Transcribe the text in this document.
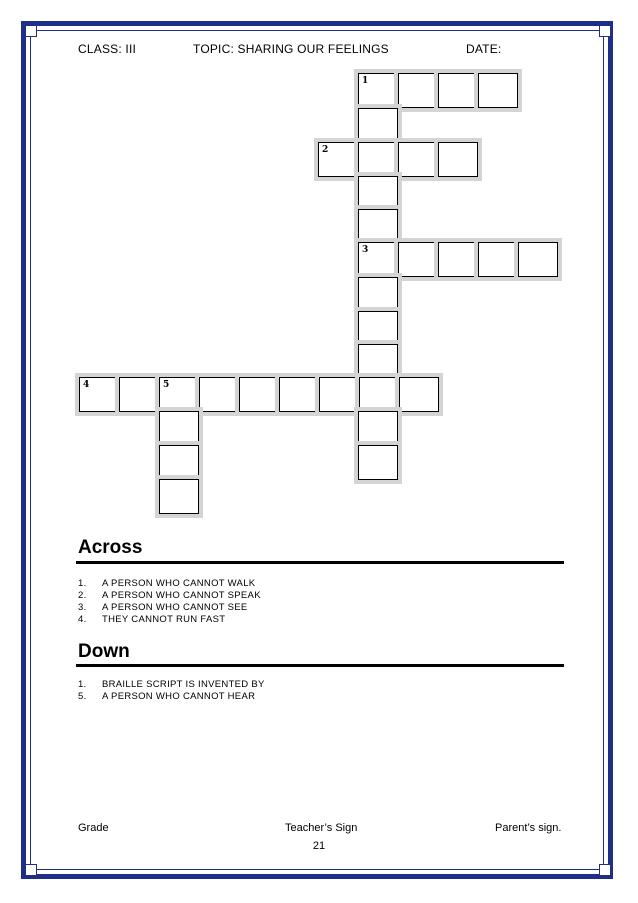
CLASS: III	TOPIC: SHARING OUR FEELINGS	DATE:
1
2
3
4	5
Across
1. A PERSON WHO CANNOT WALK
2. A PERSON WHO CANNOT SPEAK
3. A PERSON WHO CANNOT SEE
4. THEY CANNOT RUN FAST
Down
1. BRAILLE SCRIPT IS INVENTED BY
5. A PERSON WHO CANNOT HEAR
Grade	Teacher’s Sign	Parent’s sign.
21
